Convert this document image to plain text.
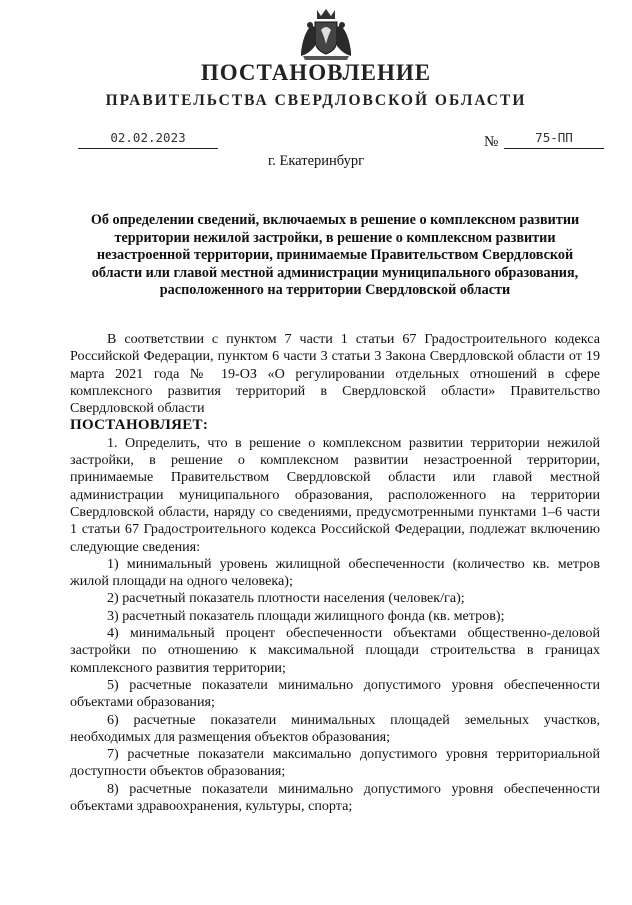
ПОСТАНОВЛЕНИЕ
ПРАВИТЕЛЬСТВА СВЕРДЛОВСКОЙ ОБЛАСТИ
02.02.2023	№	75-ПП
г. Екатеринбург
Об определении сведений, включаемых в решение о комплексном развитии территории нежилой застройки, в решение о комплексном развитии незастроенной территории, принимаемые Правительством Свердловской области или главой местной администрации муниципального образования, расположенного на территории Свердловской области

В соответствии с пунктом 7 части 1 статьи 67 Градостроительного кодекса Российской Федерации, пунктом 6 части 3 статьи 3 Закона Свердловской области от 19 марта 2021 года № 19-ОЗ «О регулировании отдельных отношений в сфере комплексного развития территорий в Свердловской области» Правительство Свердловской области

ПОСТАНОВЛЯЕТ:

1. Определить, что в решение о комплексном развитии территории нежилой застройки, в решение о комплексном развитии незастроенной территории, принимаемые Правительством Свердловской области или главой местной администрации муниципального образования, расположенного на территории Свердловской области, наряду со сведениями, предусмотренными пунктами 1–6 части 1 статьи 67 Градостроительного кодекса Российской Федерации, подлежат включению следующие сведения:

1) минимальный уровень жилищной обеспеченности (количество кв. метров жилой площади на одного человека);

2) расчетный показатель плотности населения (человек/га);

3) расчетный показатель площади жилищного фонда (кв. метров);

4) минимальный процент обеспеченности объектами общественно-деловой застройки по отношению к максимальной площади строительства в границах комплексного развития территории;

5) расчетные показатели минимально допустимого уровня обеспеченности объектами образования;

6) расчетные показатели минимальных площадей земельных участков, необходимых для размещения объектов образования;

7) расчетные показатели максимально допустимого уровня территориальной доступности объектов образования;

8) расчетные показатели минимально допустимого уровня обеспеченности объектами здравоохранения, культуры, спорта;
